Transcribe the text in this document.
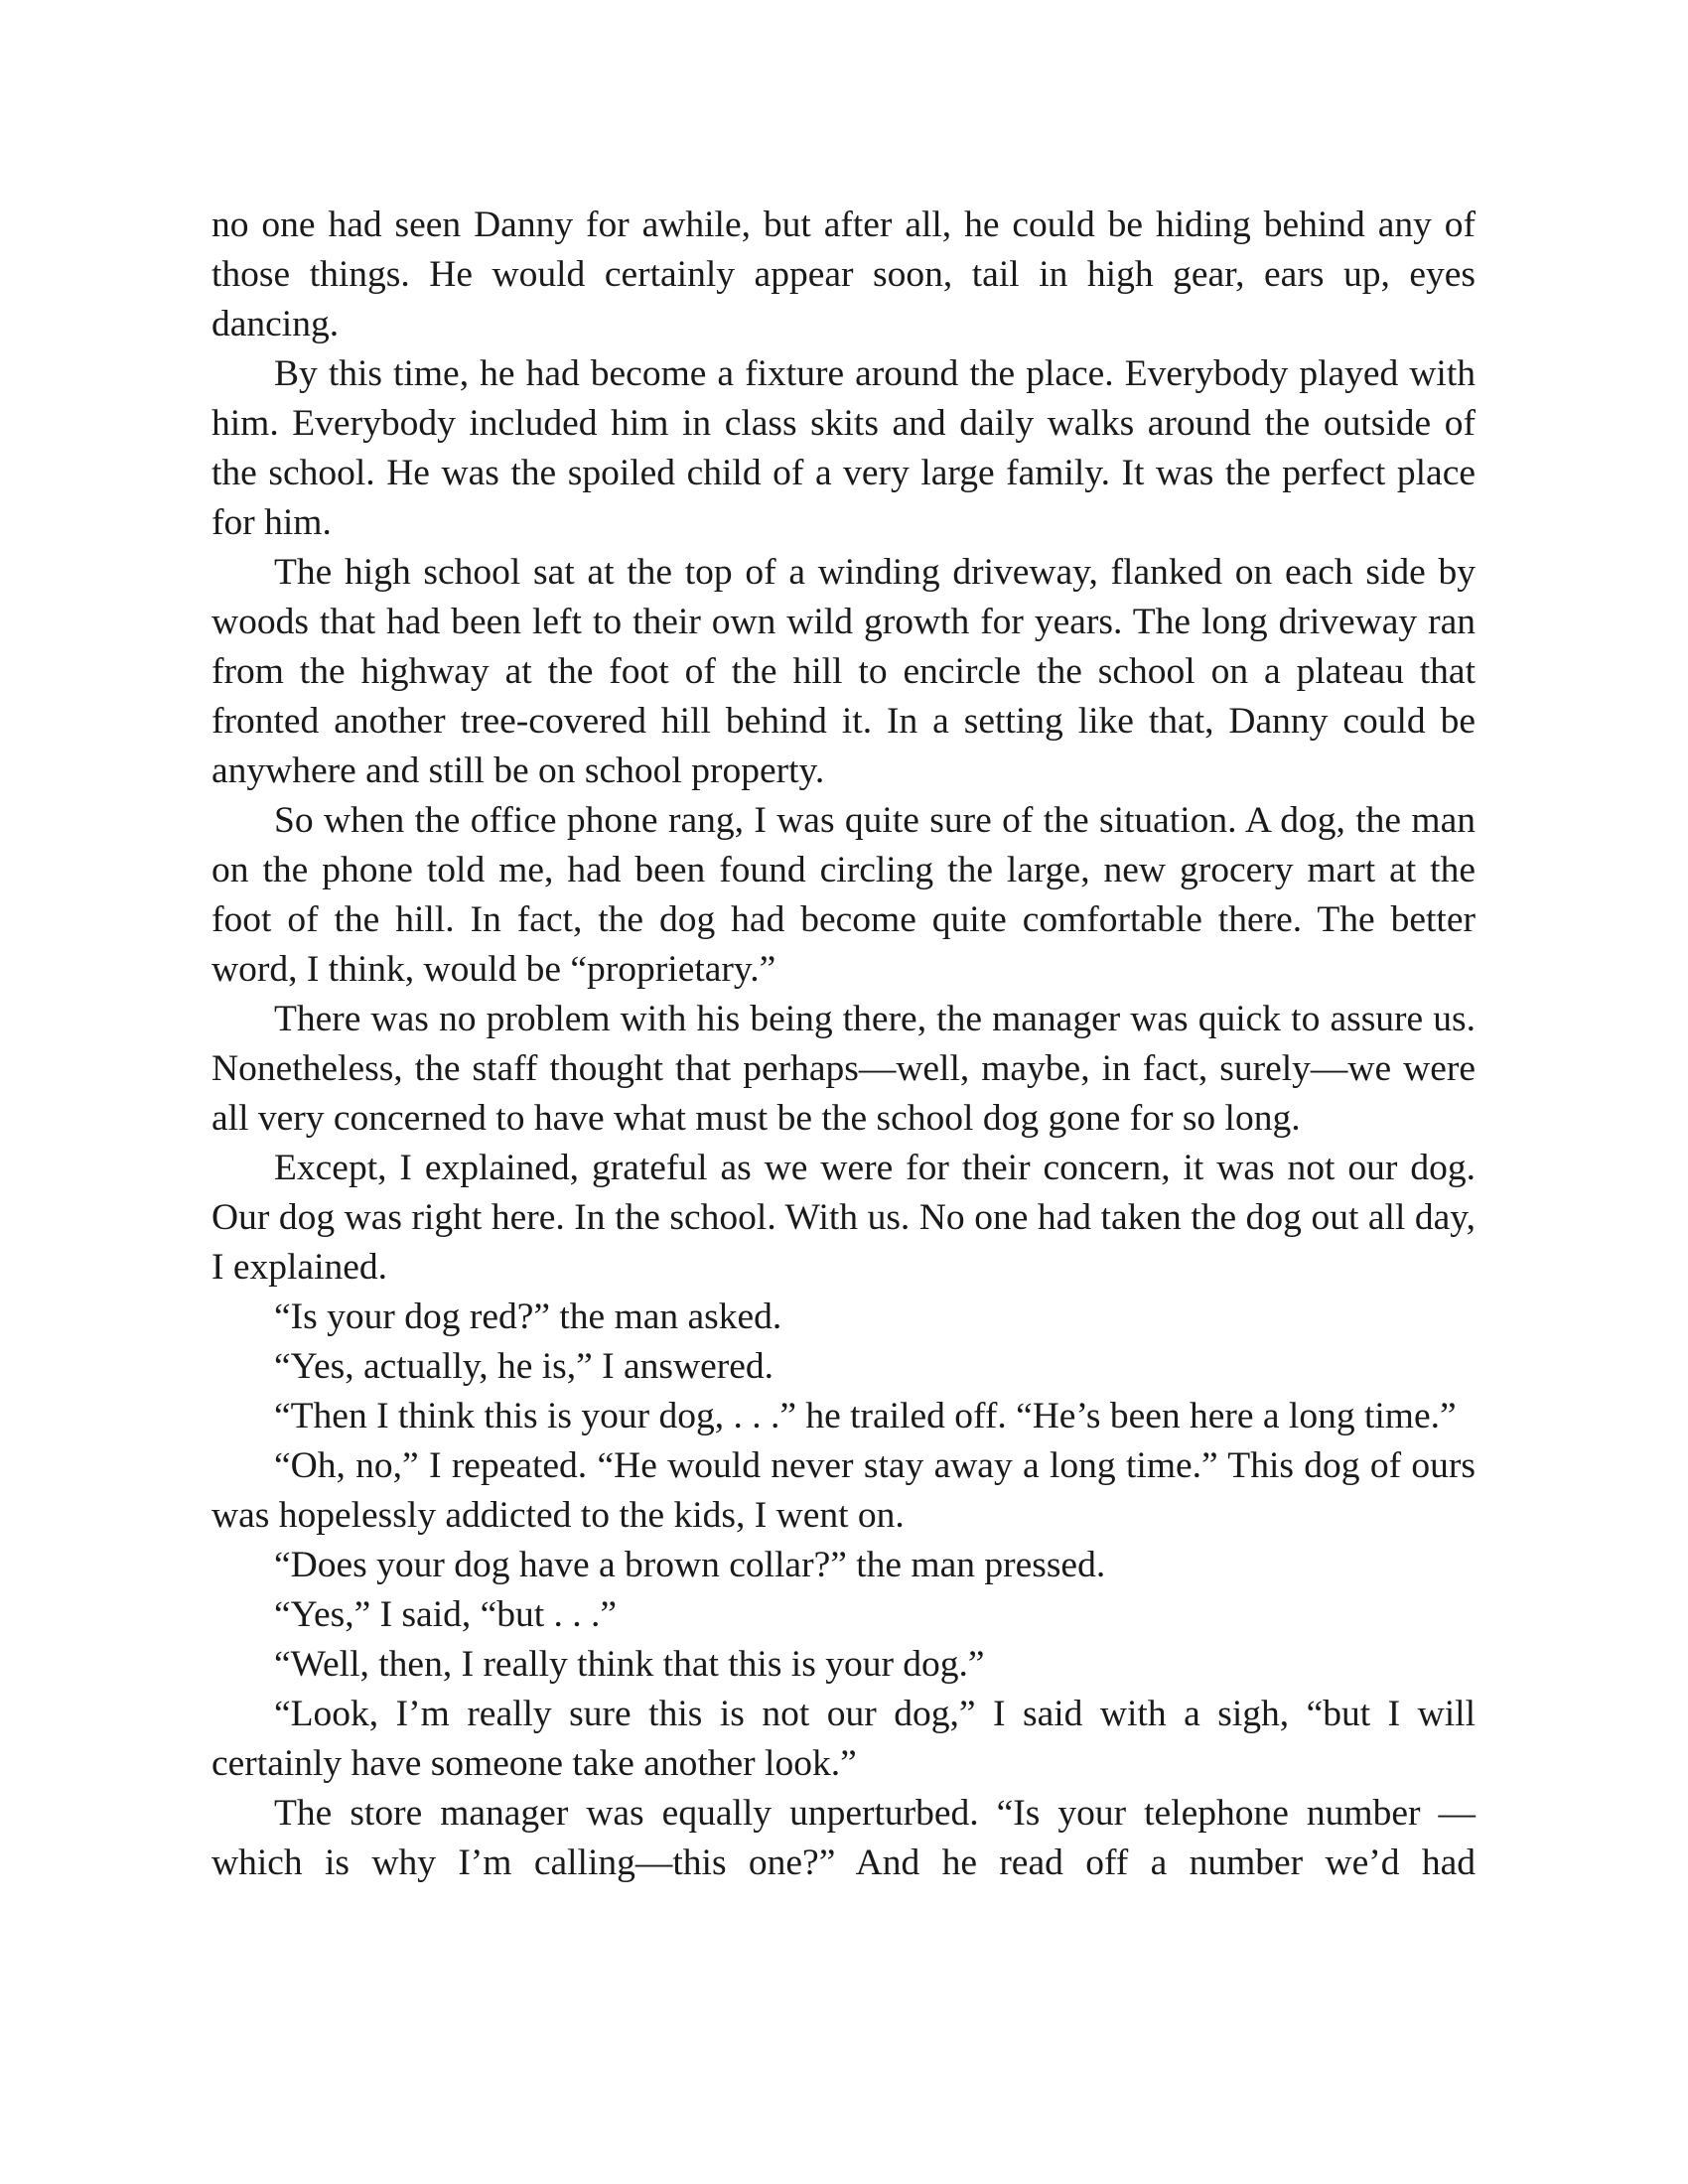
no one had seen Danny for awhile, but after all, he could be hiding behind any of those things. He would certainly appear soon, tail in high gear, ears up, eyes dancing.

By this time, he had become a fixture around the place. Everybody played with him. Everybody included him in class skits and daily walks around the outside of the school. He was the spoiled child of a very large family. It was the perfect place for him.

The high school sat at the top of a winding driveway, flanked on each side by woods that had been left to their own wild growth for years. The long driveway ran from the highway at the foot of the hill to encircle the school on a plateau that fronted another tree-covered hill behind it. In a setting like that, Danny could be anywhere and still be on school property.

So when the office phone rang, I was quite sure of the situation. A dog, the man on the phone told me, had been found circling the large, new grocery mart at the foot of the hill. In fact, the dog had become quite comfortable there. The better word, I think, would be “proprietary.”

There was no problem with his being there, the manager was quick to assure us. Nonetheless, the staff thought that perhaps—well, maybe, in fact, surely—we were all very concerned to have what must be the school dog gone for so long.

Except, I explained, grateful as we were for their concern, it was not our dog. Our dog was right here. In the school. With us. No one had taken the dog out all day, I explained.

“Is your dog red?” the man asked.

“Yes, actually, he is,” I answered.

“Then I think this is your dog, . . .” he trailed off. “He’s been here a long time.”

“Oh, no,” I repeated. “He would never stay away a long time.” This dog of ours was hopelessly addicted to the kids, I went on.

“Does your dog have a brown collar?” the man pressed.

“Yes,” I said, “but . . .”

“Well, then, I really think that this is your dog.”

“Look, I’m really sure this is not our dog,” I said with a sigh, “but I will certainly have someone take another look.”

The store manager was equally unperturbed. “Is your telephone number —which is why I’m calling—this one?” And he read off a number we’d had
